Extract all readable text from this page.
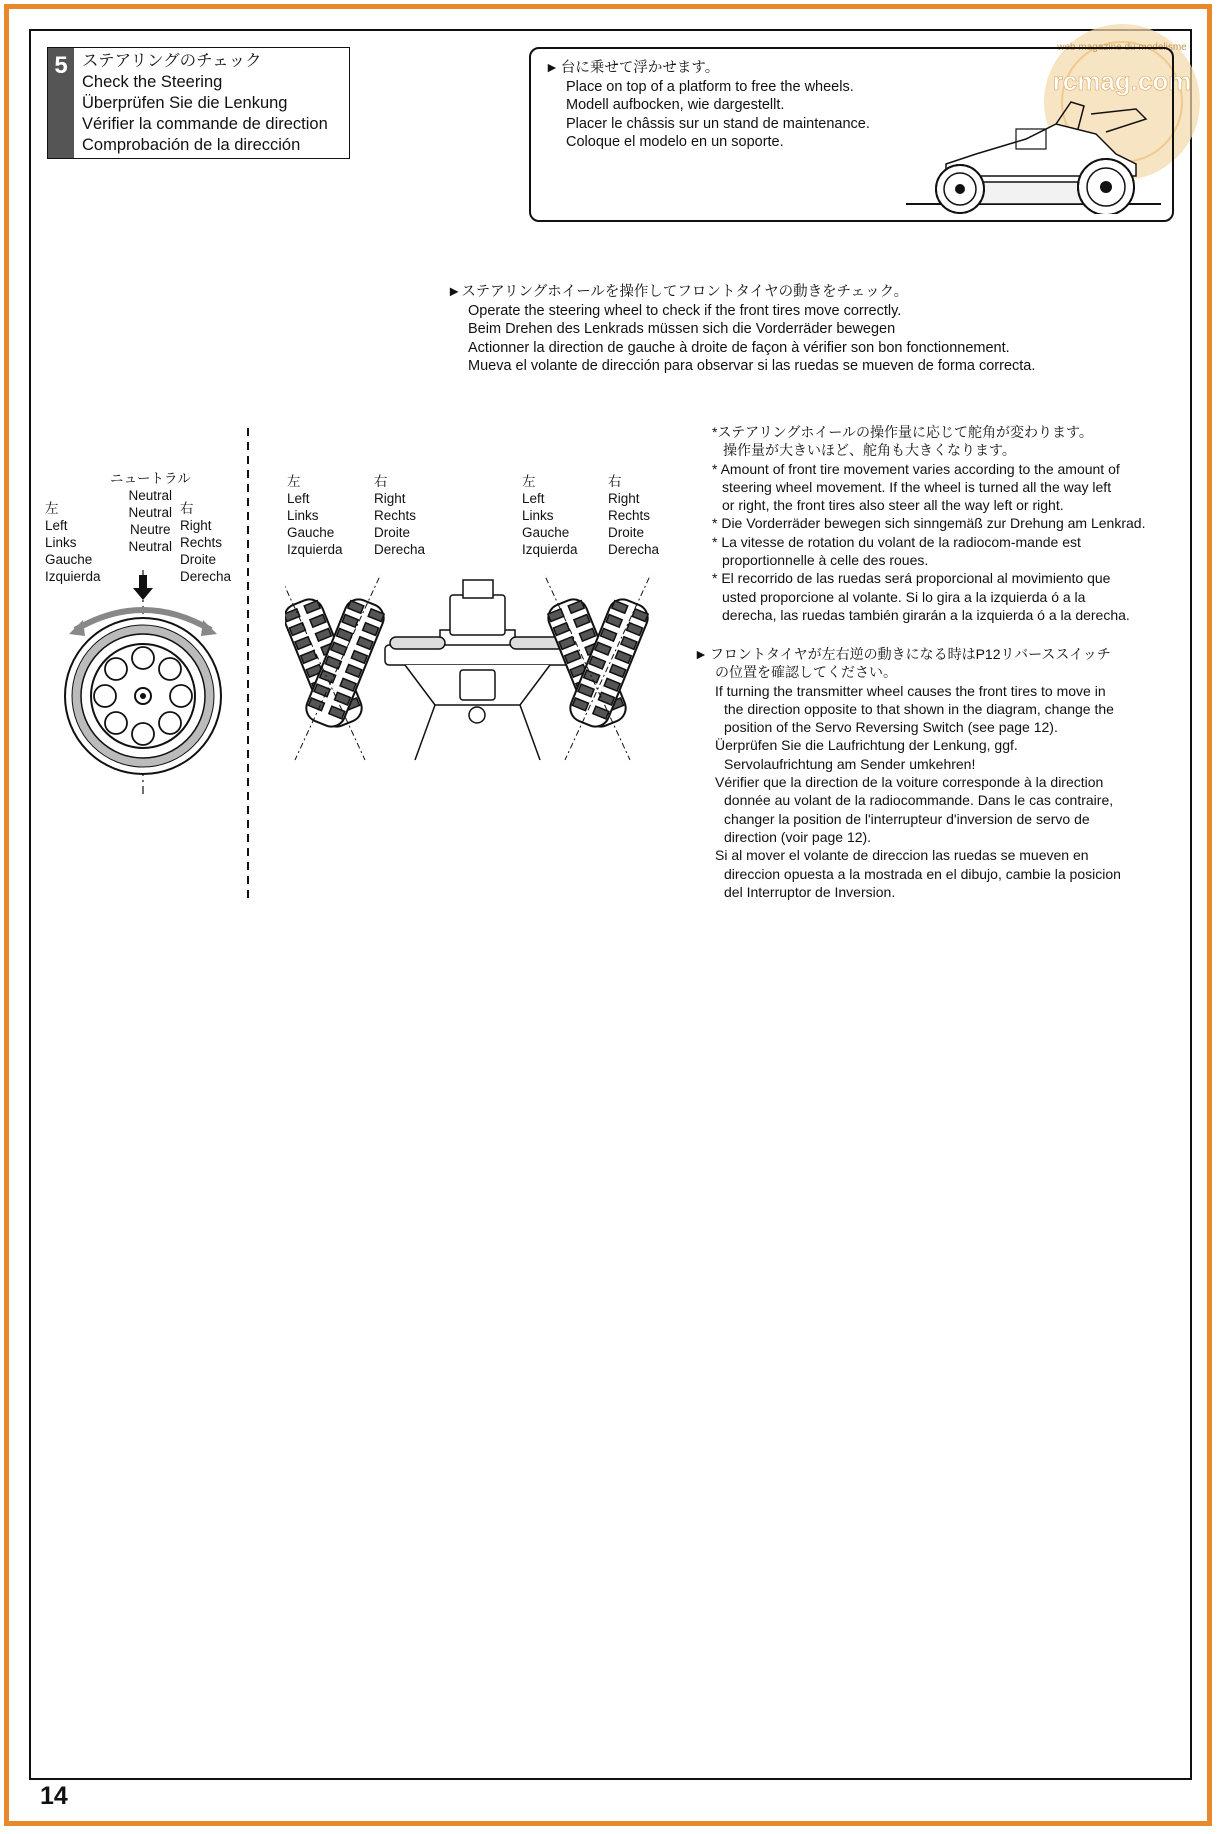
rcmag.com
web magazine du modelisme
5 ステアリングのチェック
Check the Steering
Überprüfen Sie die Lenkung
Vérifier la commande de direction
Comprobación de la dirección
►台に乗せて浮かせます。
Place on top of a platform to free the wheels.
Modell aufbocken, wie dargestellt.
Placer le châssis sur un stand de maintenance.
Coloque el modelo en un soporte.
►ステアリングホイールを操作してフロントタイヤの動きをチェック。
Operate the steering wheel to check if the front tires move correctly.
Beim Drehen des Lenkrads müssen sich die Vorderräder bewegen
Actionner la direction de gauche à droite de façon à vérifier son bon fonctionnement.
Mueva el volante de dirección para observar si las ruedas se mueven de forma correcta.
ニュートラル
Neutral
Neutral
Neutre
Neutral
左
Left
Links
Gauche
Izquierda
右
Right
Rechts
Droite
Derecha
左
Left
Links
Gauche
Izquierda
右
Right
Rechts
Droite
Derecha
左
Left
Links
Gauche
Izquierda
右
Right
Rechts
Droite
Derecha
*ステアリングホイールの操作量に応じて舵角が変わります。
操作量が大きいほど、舵角も大きくなります。
* Amount of front tire movement varies according to the amount of
steering wheel movement. If the wheel is turned all the way left
or right, the front tires also steer all the way left or right.
* Die Vorderräder bewegen sich sinngemäß zur Drehung am Lenkrad.
* La vitesse de rotation du volant de la radiocom-mande est
proportionnelle à celle des roues.
* El recorrido de las ruedas será proporcional al movimiento que
usted proporcione al volante. Si lo gira a la izquierda ó a la
derecha, las ruedas también girarán a la izquierda ó a la derecha.
►フロントタイヤが左右逆の動きになる時はP12リバーススイッチ
の位置を確認してください。
If turning the transmitter wheel causes the front tires to move in
the direction opposite to that shown in the diagram, change the
position of the Servo Reversing Switch (see page 12).
Üerprüfen Sie die Laufrichtung der Lenkung, ggf.
Servolaufrichtung am Sender umkehren!
Vérifier que la direction de la voiture corresponde à la direction
donnée au volant de la radiocommande. Dans le cas contraire,
changer la position de l'interrupteur d'inversion de servo de
direction (voir page 12).
Si al mover el volante de direccion las ruedas se mueven en
direccion opuesta a la mostrada en el dibujo, cambie la posicion
del Interruptor de Inversion.
14
